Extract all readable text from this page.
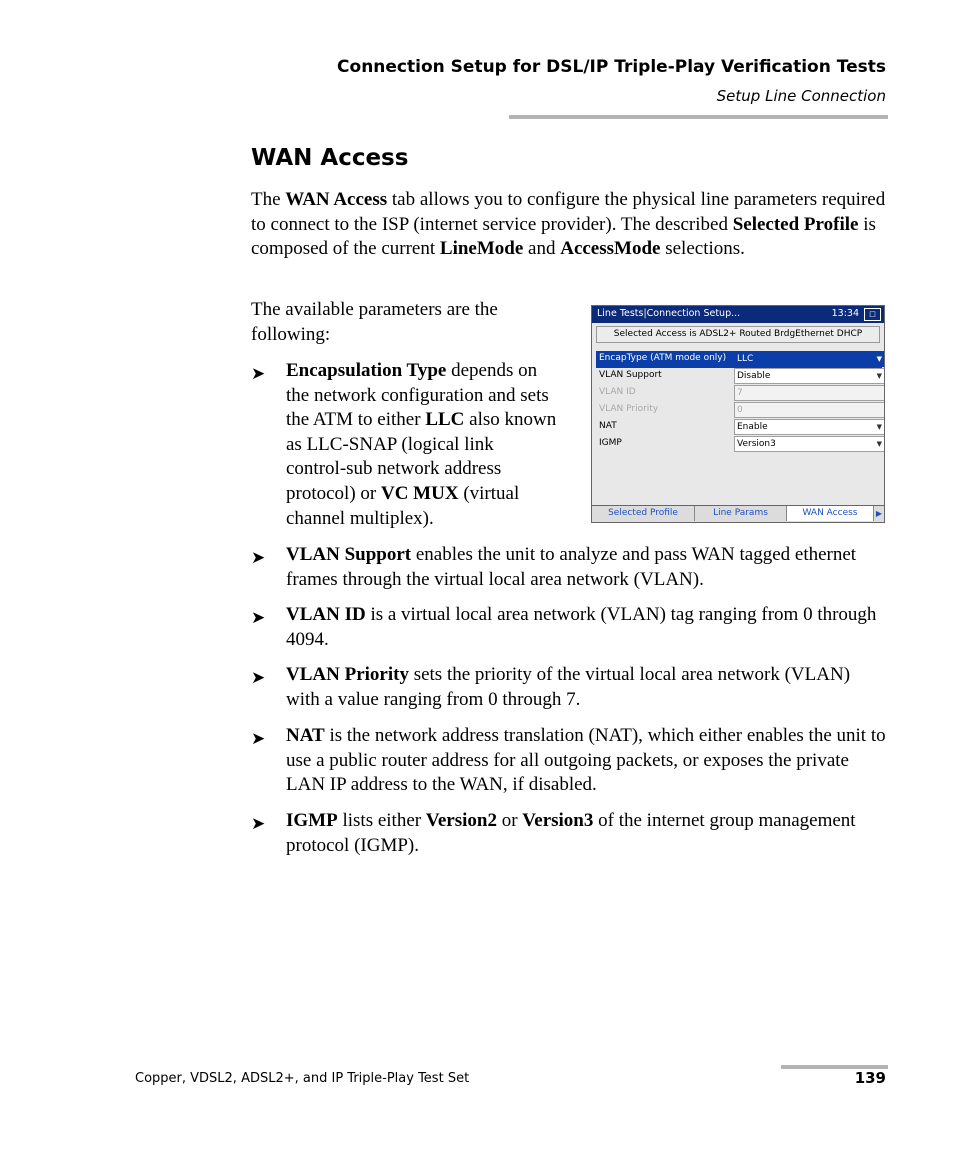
Connection Setup for DSL/IP Triple-Play Verification Tests
Setup Line Connection
WAN Access
The WAN Access tab allows you to configure the physical line parameters required to connect to the ISP (internet service provider). The described Selected Profile is composed of the current LineMode and AccessMode selections.
The available parameters are the
following:
➤ Encapsulation Type depends on
the network configuration and sets
the ATM to either LLC also known
as LLC-SNAP (logical link
control-sub network address
protocol) or VC MUX (virtual
channel multiplex).
Line Tests|Connection Setup...	13:34	□
Selected Access is ADSL2+ Routed BrdgEthernet DHCP
EncapType (ATM mode only)	LLC	▼
VLAN Support	Disable	▼
VLAN ID	7
VLAN Priority	0
NAT	Enable	▼
IGMP	Version3	▼
Selected Profile	Line Params	WAN Access	▶
➤ VLAN Support enables the unit to analyze and pass WAN tagged ethernet frames through the virtual local area network (VLAN).
➤ VLAN ID is a virtual local area network (VLAN) tag ranging from 0 through 4094.
➤ VLAN Priority sets the priority of the virtual local area network (VLAN) with a value ranging from 0 through 7.
➤ NAT is the network address translation (NAT), which either enables the unit to use a public router address for all outgoing packets, or exposes the private LAN IP address to the WAN, if disabled.
➤ IGMP lists either Version2 or Version3 of the internet group management protocol (IGMP).
Copper, VDSL2, ADSL2+, and IP Triple-Play Test Set	139
